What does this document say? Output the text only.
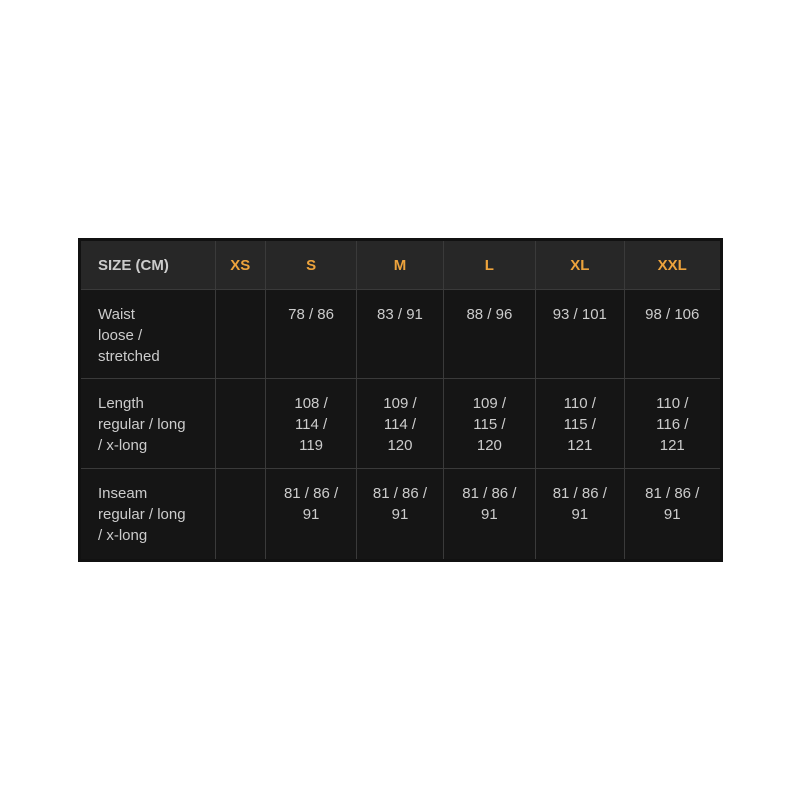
SIZE (CM)	XS	S	M	L	XL	XXL

Waist
loose /
stretched		78 / 86	83 / 91	88 / 96	93 / 101	98 / 106

Length
regular / long
/ x-long		108 / 114 / 119	109 / 114 / 120	109 / 115 / 120	110 / 115 / 121	110 / 116 / 121

Inseam
regular / long
/ x-long		81 / 86 / 91	81 / 86 / 91	81 / 86 / 91	81 / 86 / 91	81 / 86 / 91
